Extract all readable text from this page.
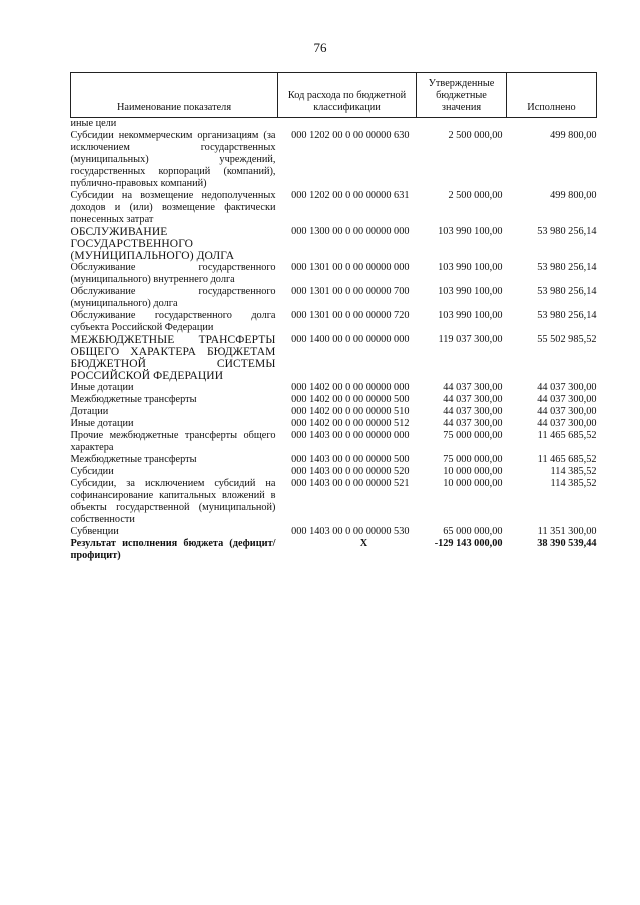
76
Наименование показателя	Код расхода по бюджетной классификации	Утвержденные бюджетные значения	Исполнено
иные цели			
Субсидии некоммерческим организациям (за исключением государственных (муниципальных) учреждений, государственных корпораций (компаний), публично-правовых компаний)	000 1202 00 0 00 00000 630	2 500 000,00	499 800,00
Субсидии на возмещение недополученных доходов и (или) возмещение фактически понесенных затрат	000 1202 00 0 00 00000 631	2 500 000,00	499 800,00
ОБСЛУЖИВАНИЕ ГОСУДАРСТВЕННОГО (МУНИЦИПАЛЬНОГО) ДОЛГА	000 1300 00 0 00 00000 000	103 990 100,00	53 980 256,14
Обслуживание государственного (муниципального) внутреннего долга	000 1301 00 0 00 00000 000	103 990 100,00	53 980 256,14
Обслуживание государственного (муниципального) долга	000 1301 00 0 00 00000 700	103 990 100,00	53 980 256,14
Обслуживание государственного долга субъекта Российской Федерации	000 1301 00 0 00 00000 720	103 990 100,00	53 980 256,14
МЕЖБЮДЖЕТНЫЕ ТРАНСФЕРТЫ ОБЩЕГО ХАРАКТЕРА БЮДЖЕТАМ БЮДЖЕТНОЙ СИСТЕМЫ РОССИЙСКОЙ ФЕДЕРАЦИИ	000 1400 00 0 00 00000 000	119 037 300,00	55 502 985,52
Иные дотации	000 1402 00 0 00 00000 000	44 037 300,00	44 037 300,00
Межбюджетные трансферты	000 1402 00 0 00 00000 500	44 037 300,00	44 037 300,00
Дотации	000 1402 00 0 00 00000 510	44 037 300,00	44 037 300,00
Иные дотации	000 1402 00 0 00 00000 512	44 037 300,00	44 037 300,00
Прочие межбюджетные трансферты общего характера	000 1403 00 0 00 00000 000	75 000 000,00	11 465 685,52
Межбюджетные трансферты	000 1403 00 0 00 00000 500	75 000 000,00	11 465 685,52
Субсидии	000 1403 00 0 00 00000 520	10 000 000,00	114 385,52
Субсидии, за исключением субсидий на софинансирование капитальных вложений в объекты государственной (муниципальной) собственности	000 1403 00 0 00 00000 521	10 000 000,00	114 385,52
Субвенции	000 1403 00 0 00 00000 530	65 000 000,00	11 351 300,00
Результат исполнения бюджета (дефицит/профицит)	X	-129 143 000,00	38 390 539,44
